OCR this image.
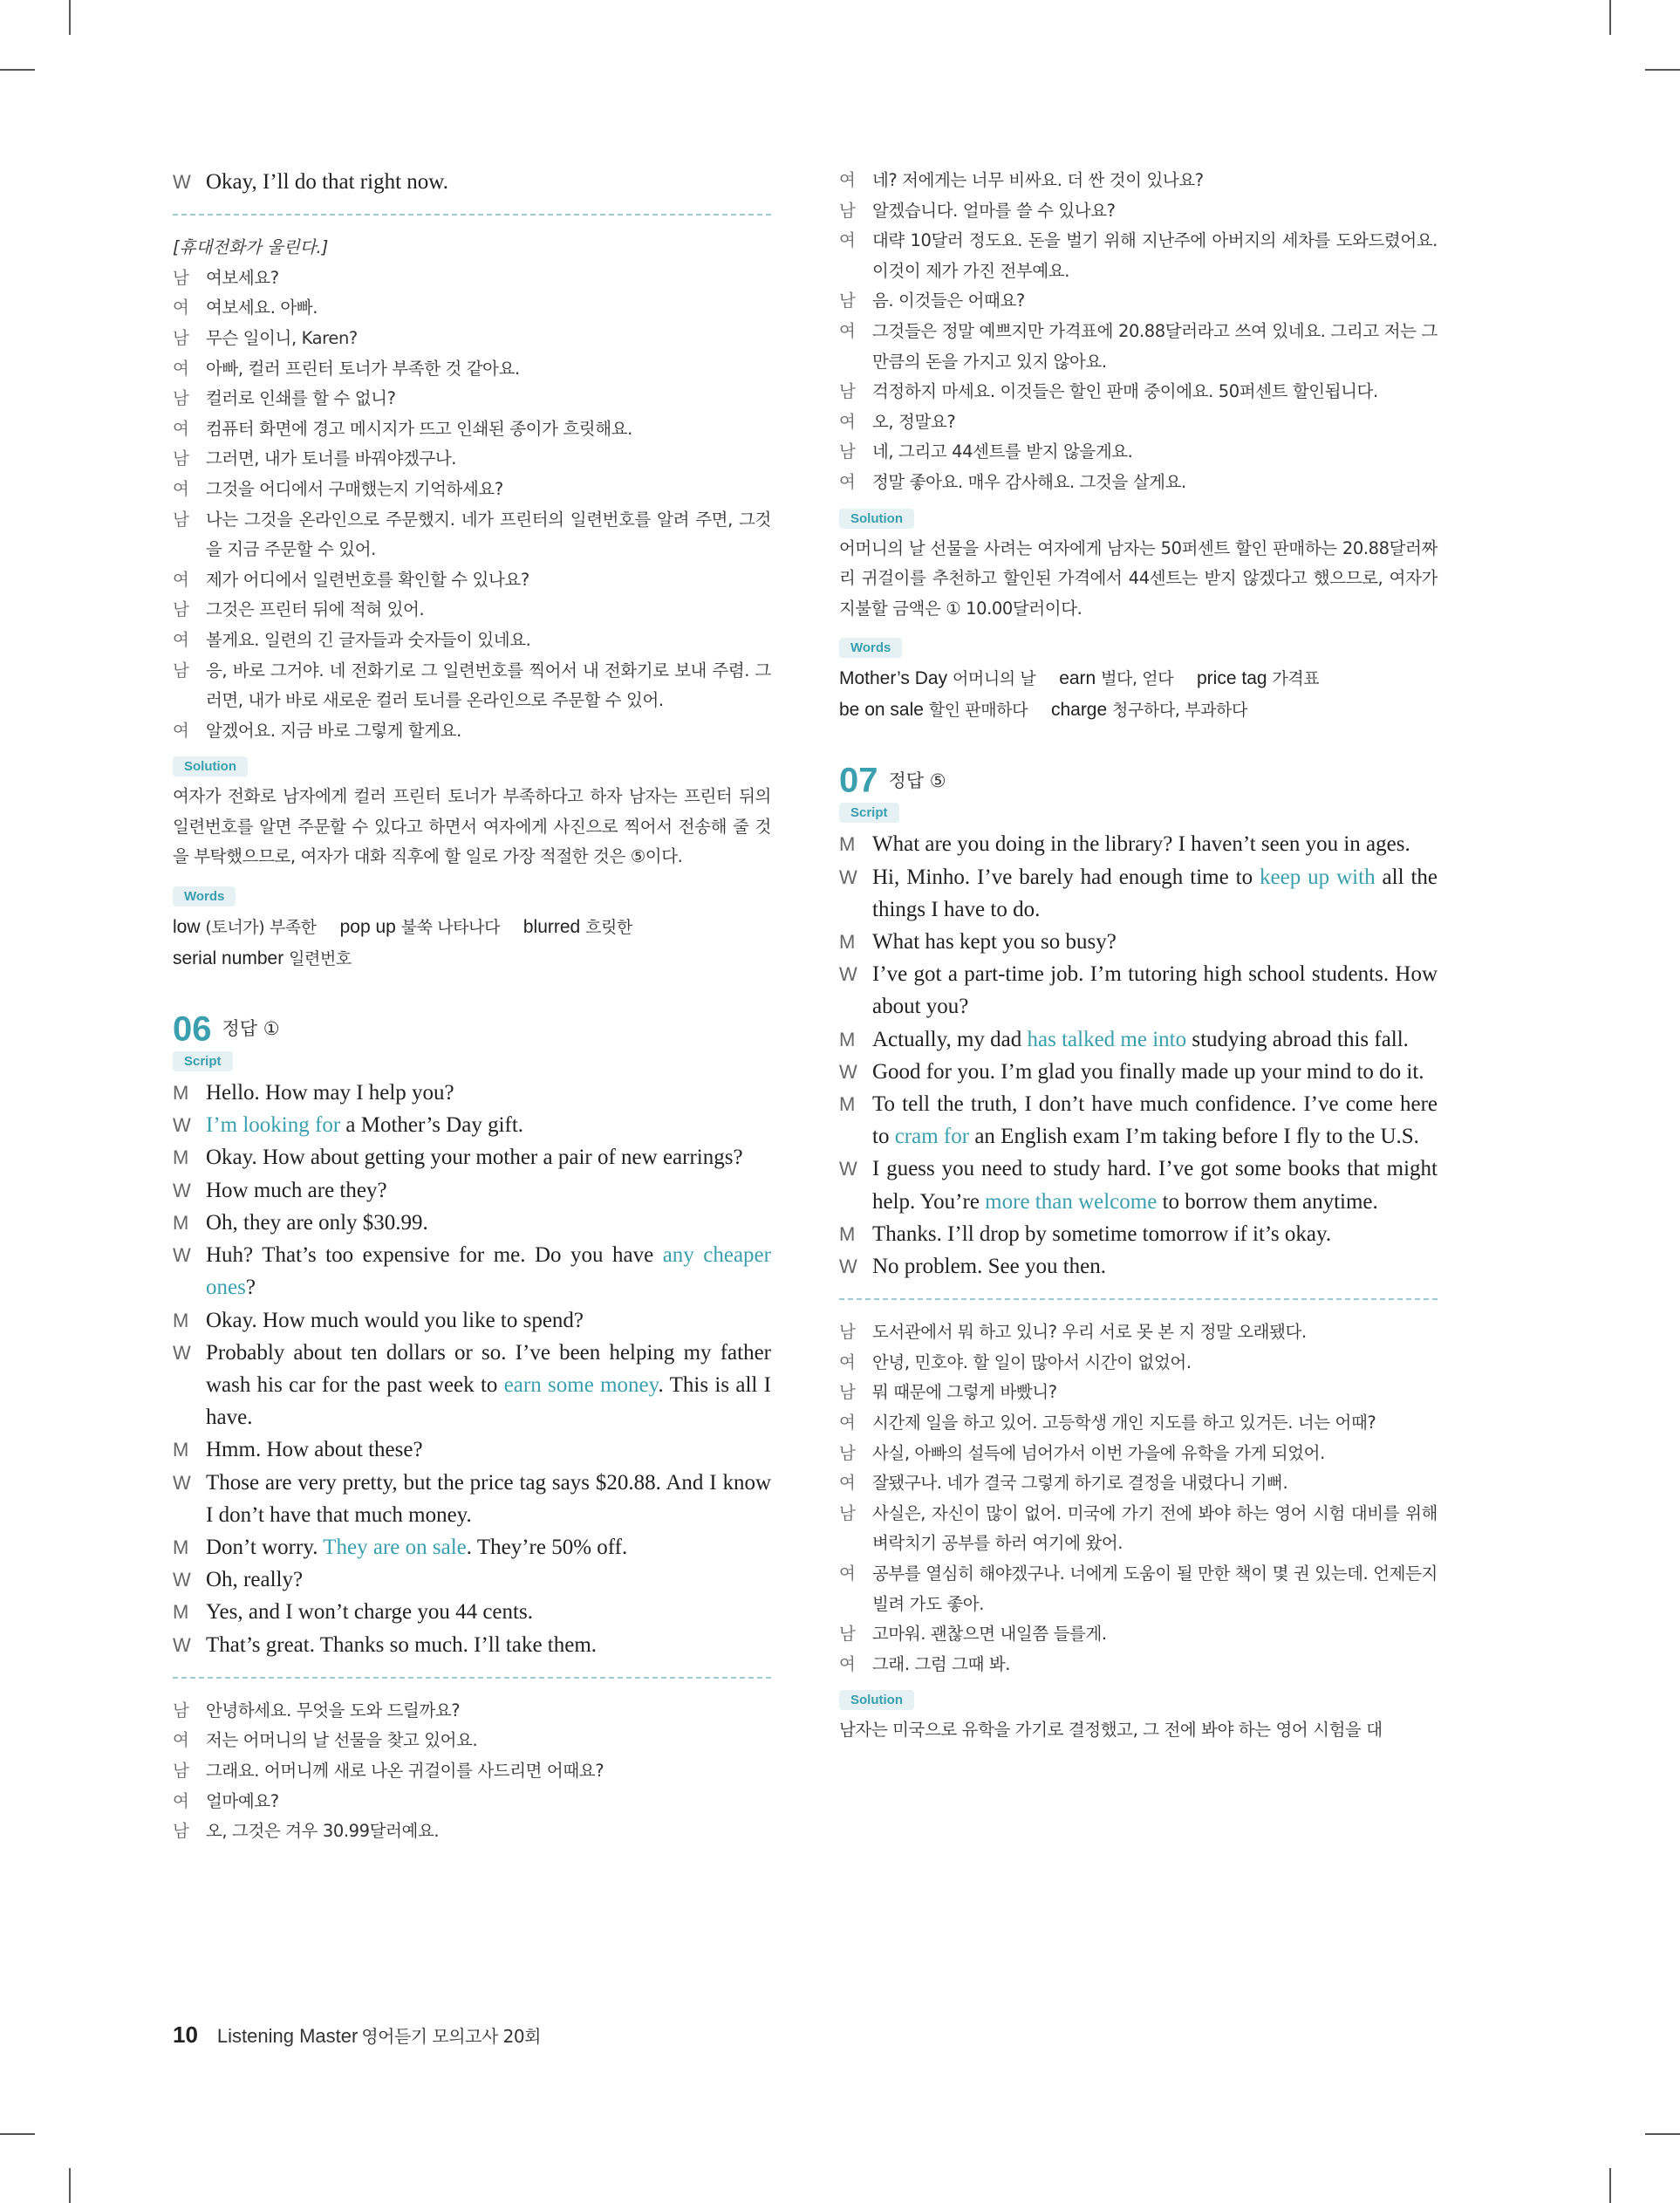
W Okay, I’ll do that right now.
[휴대전화가 울린다.]
남 여보세요?
여 여보세요. 아빠.
남 무슨 일이니, Karen?
여 아빠, 컬러 프린터 토너가 부족한 것 같아요.
남 컬러로 인쇄를 할 수 없니?
여 컴퓨터 화면에 경고 메시지가 뜨고 인쇄된 종이가 흐릿해요.
남 그러면, 내가 토너를 바꿔야겠구나.
여 그것을 어디에서 구매했는지 기억하세요?
남 나는 그것을 온라인으로 주문했지. 네가 프린터의 일련번호를 알려 주면, 그것을 지금 주문할 수 있어.
여 제가 어디에서 일련번호를 확인할 수 있나요?
남 그것은 프린터 뒤에 적혀 있어.
여 볼게요. 일련의 긴 글자들과 숫자들이 있네요.
남 응, 바로 그거야. 네 전화기로 그 일련번호를 찍어서 내 전화기로 보내 주렴. 그러면, 내가 바로 새로운 컬러 토너를 온라인으로 주문할 수 있어.
여 알겠어요. 지금 바로 그렇게 할게요.
Solution
여자가 전화로 남자에게 컬러 프린터 토너가 부족하다고 하자 남자는 프린터 뒤의 일련번호를 알면 주문할 수 있다고 하면서 여자에게 사진으로 찍어서 전송해 줄 것을 부탁했으므로, 여자가 대화 직후에 할 일로 가장 적절한 것은 ⑤이다.
Words
low (토너가) 부족한  pop up 불쑥 나타나다  blurred 흐릿한
serial number 일련번호
06 정답 ①
Script
M Hello. How may I help you?
W I’m looking for a Mother’s Day gift.
M Okay. How about getting your mother a pair of new earrings?
W How much are they?
M Oh, they are only $30.99.
W Huh? That’s too expensive for me. Do you have any cheaper ones?
M Okay. How much would you like to spend?
W Probably about ten dollars or so. I’ve been helping my father wash his car for the past week to earn some money. This is all I have.
M Hmm. How about these?
W Those are very pretty, but the price tag says $20.88. And I know I don’t have that much money.
M Don’t worry. They are on sale. They’re 50% off.
W Oh, really?
M Yes, and I won’t charge you 44 cents.
W That’s great. Thanks so much. I’ll take them.
남 안녕하세요. 무엇을 도와 드릴까요?
여 저는 어머니의 날 선물을 찾고 있어요.
남 그래요. 어머니께 새로 나온 귀걸이를 사드리면 어때요?
여 얼마예요?
남 오, 그것은 겨우 30.99달러예요.
여 네? 저에게는 너무 비싸요. 더 싼 것이 있나요?
남 알겠습니다. 얼마를 쓸 수 있나요?
여 대략 10달러 정도요. 돈을 벌기 위해 지난주에 아버지의 세차를 도와드렸어요. 이것이 제가 가진 전부예요.
남 음. 이것들은 어때요?
여 그것들은 정말 예쁘지만 가격표에 20.88달러라고 쓰여 있네요. 그리고 저는 그만큼의 돈을 가지고 있지 않아요.
남 걱정하지 마세요. 이것들은 할인 판매 중이에요. 50퍼센트 할인됩니다.
여 오, 정말요?
남 네, 그리고 44센트를 받지 않을게요.
여 정말 좋아요. 매우 감사해요. 그것을 살게요.
Solution
어머니의 날 선물을 사려는 여자에게 남자는 50퍼센트 할인 판매하는 20.88달러짜리 귀걸이를 추천하고 할인된 가격에서 44센트는 받지 않겠다고 했으므로, 여자가 지불할 금액은 ① 10.00달러이다.
Words
Mother’s Day 어머니의 날  earn 벌다, 얻다  price tag 가격표
be on sale 할인 판매하다  charge 청구하다, 부과하다
07 정답 ⑤
Script
M What are you doing in the library? I haven’t seen you in ages.
W Hi, Minho. I’ve barely had enough time to keep up with all the things I have to do.
M What has kept you so busy?
W I’ve got a part-time job. I’m tutoring high school students. How about you?
M Actually, my dad has talked me into studying abroad this fall.
W Good for you. I’m glad you finally made up your mind to do it.
M To tell the truth, I don’t have much confidence. I’ve come here to cram for an English exam I’m taking before I fly to the U.S.
W I guess you need to study hard. I’ve got some books that might help. You’re more than welcome to borrow them anytime.
M Thanks. I’ll drop by sometime tomorrow if it’s okay.
W No problem. See you then.
남 도서관에서 뭐 하고 있니? 우리 서로 못 본 지 정말 오래됐다.
여 안녕, 민호야. 할 일이 많아서 시간이 없었어.
남 뭐 때문에 그렇게 바빴니?
여 시간제 일을 하고 있어. 고등학생 개인 지도를 하고 있거든. 너는 어때?
남 사실, 아빠의 설득에 넘어가서 이번 가을에 유학을 가게 되었어.
여 잘됐구나. 네가 결국 그렇게 하기로 결정을 내렸다니 기뻐.
남 사실은, 자신이 많이 없어. 미국에 가기 전에 봐야 하는 영어 시험 대비를 위해 벼락치기 공부를 하러 여기에 왔어.
여 공부를 열심히 해야겠구나. 너에게 도움이 될 만한 책이 몇 권 있는데. 언제든지 빌려 가도 좋아.
남 고마워. 괜찮으면 내일쯤 들를게.
여 그래. 그럼 그때 봐.
Solution
남자는 미국으로 유학을 가기로 결정했고, 그 전에 봐야 하는 영어 시험을 대
10 Listening Master 영어듣기 모의고사 20회
